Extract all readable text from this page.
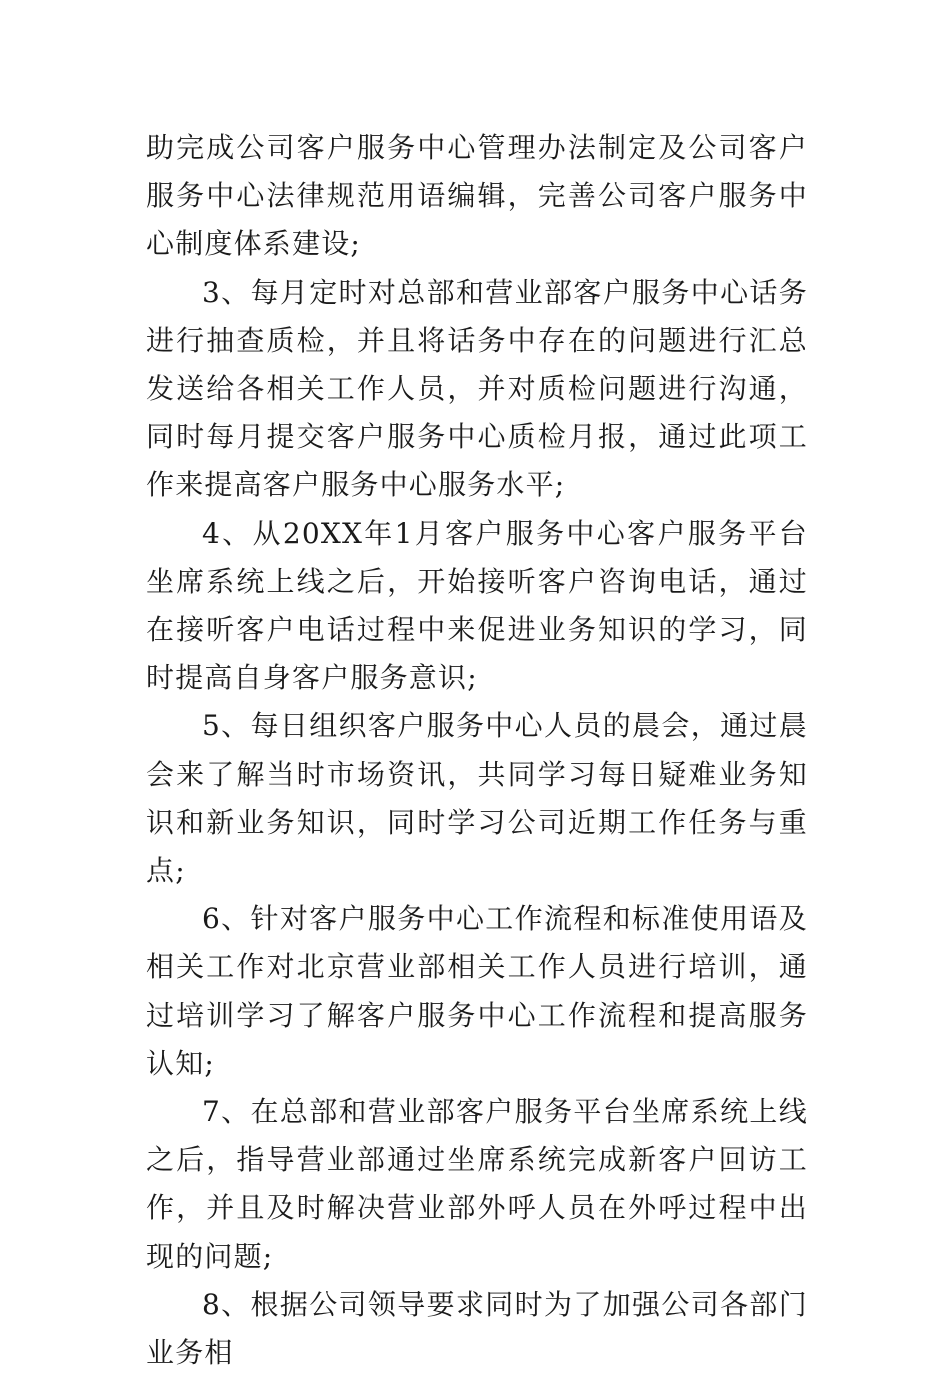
助完成公司客户服务中心管理办法制定及公司客户服务中心法律规范用语编辑，完善公司客户服务中心制度体系建设;

3、每月定时对总部和营业部客户服务中心话务进行抽查质检，并且将话务中存在的问题进行汇总发送给各相关工作人员，并对质检问题进行沟通，同时每月提交客户服务中心质检月报，通过此项工作来提高客户服务中心服务水平;

4、从20XX年1月客户服务中心客户服务平台坐席系统上线之后，开始接听客户咨询电话，通过在接听客户电话过程中来促进业务知识的学习，同时提高自身客户服务意识;

5、每日组织客户服务中心人员的晨会，通过晨会来了解当时市场资讯，共同学习每日疑难业务知识和新业务知识，同时学习公司近期工作任务与重点;

6、针对客户服务中心工作流程和标准使用语及相关工作对北京营业部相关工作人员进行培训，通过培训学习了解客户服务中心工作流程和提高服务认知;

7、在总部和营业部客户服务平台坐席系统上线之后，指导营业部通过坐席系统完成新客户回访工作，并且及时解决营业部外呼人员在外呼过程中出现的问题;

8、根据公司领导要求同时为了加强公司各部门业务相
